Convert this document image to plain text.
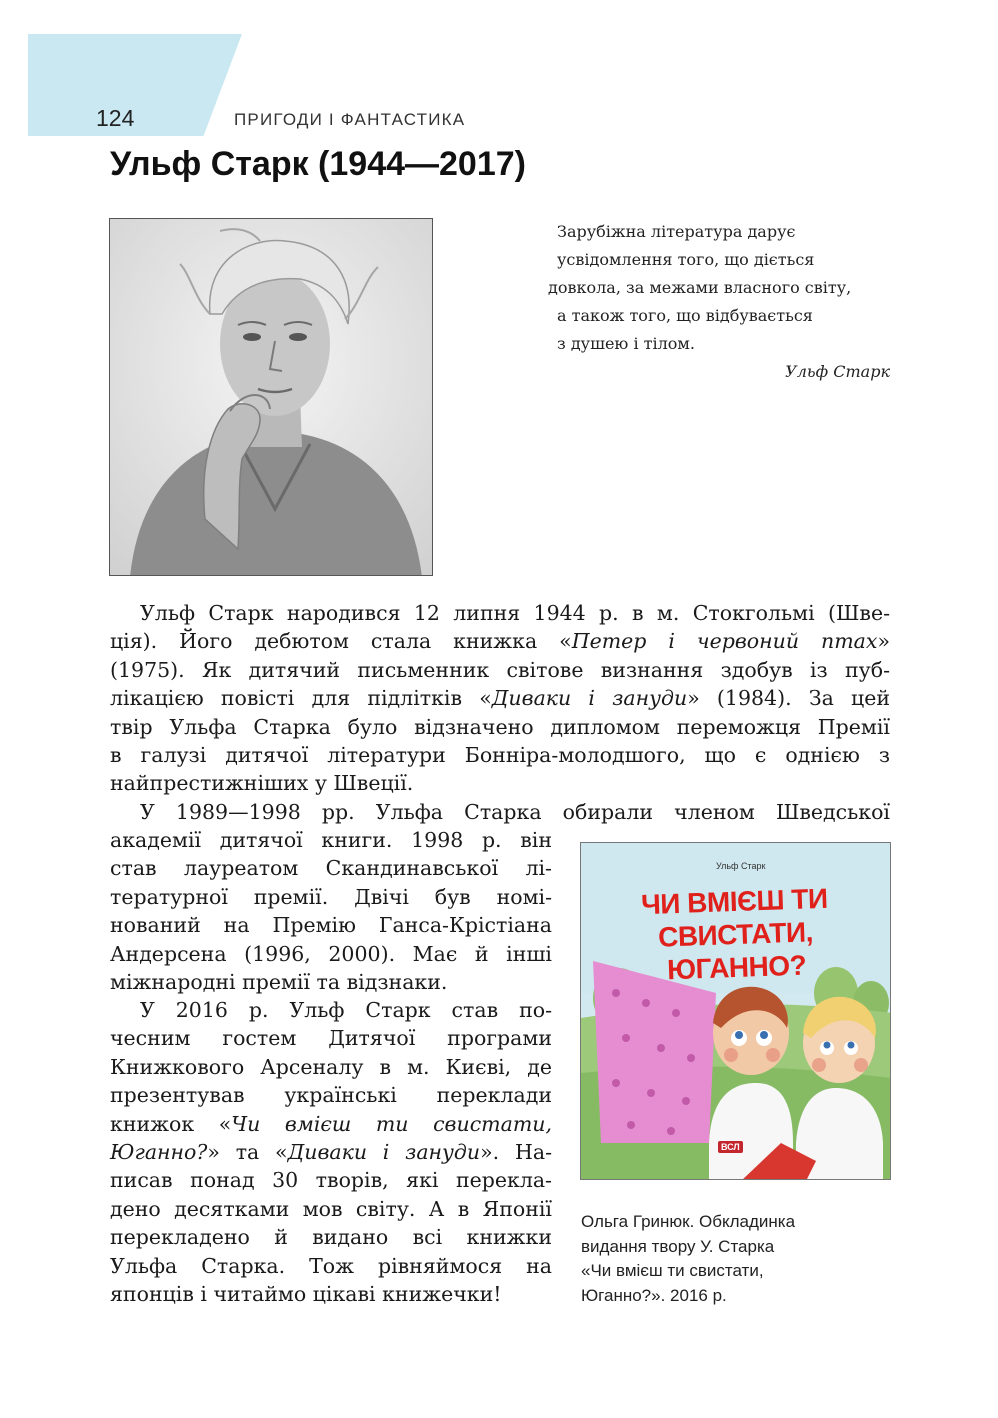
124	ПРИГОДИ І ФАНТАСТИКА
Ульф Старк (1944—2017)
Зарубіжна література дарує
усвідомлення того, що діється
довкола, за межами власного світу,
а також того, що відбувається
з душею і тілом.
Ульф Старк
Ульф Старк народився 12 липня 1944 р. в м. Стокгольмі (Шве-
ція). Його дебютом стала книжка «Петер і червоний птах»
(1975). Як дитячий письменник світове визнання здобув із пуб-
лікацією повісті для підлітків «Диваки і зануди» (1984). За цей
твір Ульфа Старка було відзначено дипломом переможця Премії
в галузі дитячої літератури Бонніра-молодшого, що є однією з
найпрестижніших у Швеції.
У 1989—1998 рр. Ульфа Старка обирали членом Шведської
академії дитячої книги. 1998 р. він
став лауреатом Скандинавської лі-
тературної премії. Двічі був номі-
нований на Премію Ганса-Крістіана
Андерсена (1996, 2000). Має й інші
міжнародні премії та відзнаки.
У 2016 р. Ульф Старк став по-
чесним гостем Дитячої програми
Книжкового Арсеналу в м. Києві, де
презентував українські переклади
книжок «Чи вмієш ти свистати,
Юганно?» та «Диваки і зануди». На-
писав понад 30 творів, які перекла-
дено десятками мов світу. А в Японії
перекладено й видано всі книжки
Ульфа Старка. Тож рівняймося на
японців і читаймо цікаві книжечки!
Ульф Старк
ЧИ ВМІЄШ ТИ СВИСТАТИ,
ЮГАННО?
ВСЛ
Ольга Гринюк. Обкладинка
видання твору У. Старка
«Чи вмієш ти свистати,
Юганно?». 2016 р.
